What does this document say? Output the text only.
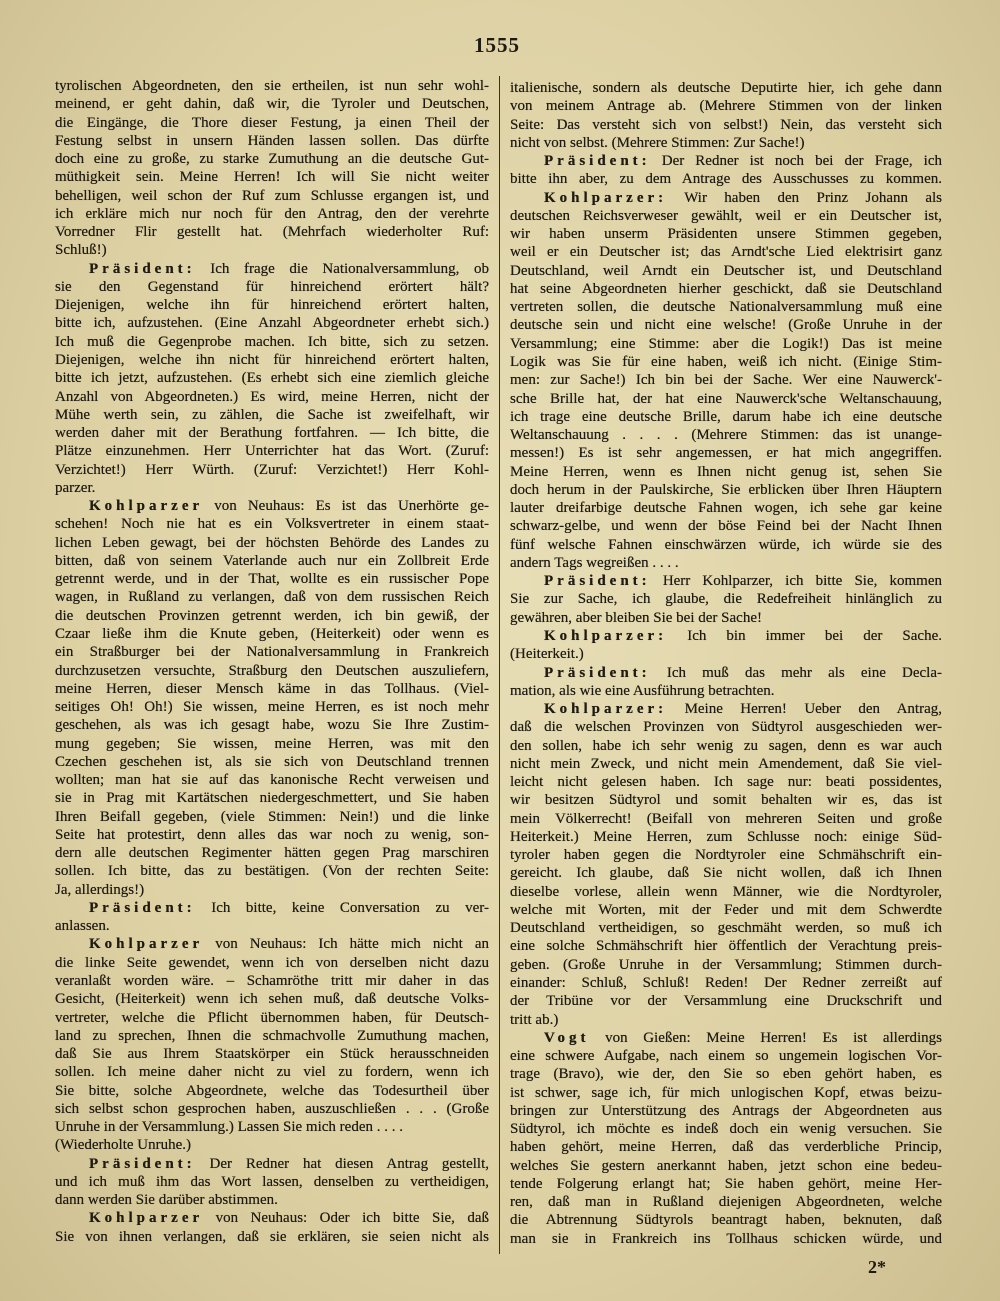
1555
tyrolischen Abgeordneten, den sie ertheilen, ist nun sehr wohl-
meinend, er geht dahin, daß wir, die Tyroler und Deutschen,
die Eingänge, die Thore dieser Festung, ja einen Theil der
Festung selbst in unsern Händen lassen sollen. Das dürfte
doch eine zu große, zu starke Zumuthung an die deutsche Gut-
müthigkeit sein. Meine Herren! Ich will Sie nicht weiter
behelligen, weil schon der Ruf zum Schlusse ergangen ist, und
ich erkläre mich nur noch für den Antrag, den der verehrte
Vorredner Flir gestellt hat. (Mehrfach wiederholter Ruf:
Schluß!)
Präsident: Ich frage die Nationalversammlung, ob
sie den Gegenstand für hinreichend erörtert hält?
Diejenigen, welche ihn für hinreichend erörtert halten,
bitte ich, aufzustehen. (Eine Anzahl Abgeordneter erhebt sich.)
Ich muß die Gegenprobe machen. Ich bitte, sich zu setzen.
Diejenigen, welche ihn nicht für hinreichend erörtert halten,
bitte ich jetzt, aufzustehen. (Es erhebt sich eine ziemlich gleiche
Anzahl von Abgeordneten.) Es wird, meine Herren, nicht der
Mühe werth sein, zu zählen, die Sache ist zweifelhaft, wir
werden daher mit der Berathung fortfahren. — Ich bitte, die
Plätze einzunehmen. Herr Unterrichter hat das Wort. (Zuruf:
Verzichtet!) Herr Würth. (Zuruf: Verzichtet!) Herr Kohl-
parzer.
Kohlparzer von Neuhaus: Es ist das Unerhörte ge-
schehen! Noch nie hat es ein Volksvertreter in einem staat-
lichen Leben gewagt, bei der höchsten Behörde des Landes zu
bitten, daß von seinem Vaterlande auch nur ein Zollbreit Erde
getrennt werde, und in der That, wollte es ein russischer Pope
wagen, in Rußland zu verlangen, daß von dem russischen Reich
die deutschen Provinzen getrennt werden, ich bin gewiß, der
Czaar ließe ihm die Knute geben, (Heiterkeit) oder wenn es
ein Straßburger bei der Nationalversammlung in Frankreich
durchzusetzen versuchte, Straßburg den Deutschen auszuliefern,
meine Herren, dieser Mensch käme in das Tollhaus. (Viel-
seitiges Oh! Oh!) Sie wissen, meine Herren, es ist noch mehr
geschehen, als was ich gesagt habe, wozu Sie Ihre Zustim-
mung gegeben; Sie wissen, meine Herren, was mit den
Czechen geschehen ist, als sie sich von Deutschland trennen
wollten; man hat sie auf das kanonische Recht verweisen und
sie in Prag mit Kartätschen niedergeschmettert, und Sie haben
Ihren Beifall gegeben, (viele Stimmen: Nein!) und die linke
Seite hat protestirt, denn alles das war noch zu wenig, son-
dern alle deutschen Regimenter hätten gegen Prag marschiren
sollen. Ich bitte, das zu bestätigen. (Von der rechten Seite:
Ja, allerdings!)
Präsident: Ich bitte, keine Conversation zu ver-
anlassen.
Kohlparzer von Neuhaus: Ich hätte mich nicht an
die linke Seite gewendet, wenn ich von derselben nicht dazu
veranlaßt worden wäre. – Schamröthe tritt mir daher in das
Gesicht, (Heiterkeit) wenn ich sehen muß, daß deutsche Volks-
vertreter, welche die Pflicht übernommen haben, für Deutsch-
land zu sprechen, Ihnen die schmachvolle Zumuthung machen,
daß Sie aus Ihrem Staatskörper ein Stück herausschneiden
sollen. Ich meine daher nicht zu viel zu fordern, wenn ich
Sie bitte, solche Abgeordnete, welche das Todesurtheil über
sich selbst schon gesprochen haben, auszuschließen . . . (Große
Unruhe in der Versammlung.) Lassen Sie mich reden . . . .
(Wiederholte Unruhe.)
Präsident: Der Redner hat diesen Antrag gestellt,
und ich muß ihm das Wort lassen, denselben zu vertheidigen,
dann werden Sie darüber abstimmen.
Kohlparzer von Neuhaus: Oder ich bitte Sie, daß
Sie von ihnen verlangen, daß sie erklären, sie seien nicht als
italienische, sondern als deutsche Deputirte hier, ich gehe dann
von meinem Antrage ab. (Mehrere Stimmen von der linken
Seite: Das versteht sich von selbst!) Nein, das versteht sich
nicht von selbst. (Mehrere Stimmen: Zur Sache!)
Präsident: Der Redner ist noch bei der Frage, ich
bitte ihn aber, zu dem Antrage des Ausschusses zu kommen.
Kohlparzer: Wir haben den Prinz Johann als
deutschen Reichsverweser gewählt, weil er ein Deutscher ist,
wir haben unserm Präsidenten unsere Stimmen gegeben,
weil er ein Deutscher ist; das Arndt'sche Lied elektrisirt ganz
Deutschland, weil Arndt ein Deutscher ist, und Deutschland
hat seine Abgeordneten hierher geschickt, daß sie Deutschland
vertreten sollen, die deutsche Nationalversammlung muß eine
deutsche sein und nicht eine welsche! (Große Unruhe in der
Versammlung; eine Stimme: aber die Logik!) Das ist meine
Logik was Sie für eine haben, weiß ich nicht. (Einige Stim-
men: zur Sache!) Ich bin bei der Sache. Wer eine Nauwerck'-
sche Brille hat, der hat eine Nauwerck'sche Weltanschauung,
ich trage eine deutsche Brille, darum habe ich eine deutsche
Weltanschauung . . . . (Mehrere Stimmen: das ist unange-
messen!) Es ist sehr angemessen, er hat mich angegriffen.
Meine Herren, wenn es Ihnen nicht genug ist, sehen Sie
doch herum in der Paulskirche, Sie erblicken über Ihren Häuptern
lauter dreifarbige deutsche Fahnen wogen, ich sehe gar keine
schwarz-gelbe, und wenn der böse Feind bei der Nacht Ihnen
fünf welsche Fahnen einschwärzen würde, ich würde sie des
andern Tags wegreißen . . . .
Präsident: Herr Kohlparzer, ich bitte Sie, kommen
Sie zur Sache, ich glaube, die Redefreiheit hinlänglich zu
gewähren, aber bleiben Sie bei der Sache!
Kohlparzer: Ich bin immer bei der Sache.
(Heiterkeit.)
Präsident: Ich muß das mehr als eine Decla-
mation, als wie eine Ausführung betrachten.
Kohlparzer: Meine Herren! Ueber den Antrag,
daß die welschen Provinzen von Südtyrol ausgeschieden wer-
den sollen, habe ich sehr wenig zu sagen, denn es war auch
nicht mein Zweck, und nicht mein Amendement, daß Sie viel-
leicht nicht gelesen haben. Ich sage nur: beati possidentes,
wir besitzen Südtyrol und somit behalten wir es, das ist
mein Völkerrecht! (Beifall von mehreren Seiten und große
Heiterkeit.) Meine Herren, zum Schlusse noch: einige Süd-
tyroler haben gegen die Nordtyroler eine Schmähschrift ein-
gereicht. Ich glaube, daß Sie nicht wollen, daß ich Ihnen
dieselbe vorlese, allein wenn Männer, wie die Nordtyroler,
welche mit Worten, mit der Feder und mit dem Schwerdte
Deutschland vertheidigen, so geschmäht werden, so muß ich
eine solche Schmähschrift hier öffentlich der Verachtung preis-
geben. (Große Unruhe in der Versammlung; Stimmen durch-
einander: Schluß, Schluß! Reden! Der Redner zerreißt auf
der Tribüne vor der Versammlung eine Druckschrift und
tritt ab.)
Vogt von Gießen: Meine Herren! Es ist allerdings
eine schwere Aufgabe, nach einem so ungemein logischen Vor-
trage (Bravo), wie der, den Sie so eben gehört haben, es
ist schwer, sage ich, für mich unlogischen Kopf, etwas beizu-
bringen zur Unterstützung des Antrags der Abgeordneten aus
Südtyrol, ich möchte es indeß doch ein wenig versuchen. Sie
haben gehört, meine Herren, daß das verderbliche Princip,
welches Sie gestern anerkannt haben, jetzt schon eine bedeu-
tende Folgerung erlangt hat; Sie haben gehört, meine Her-
ren, daß man in Rußland diejenigen Abgeordneten, welche
die Abtrennung Südtyrols beantragt haben, beknuten, daß
man sie in Frankreich ins Tollhaus schicken würde, und
2*
